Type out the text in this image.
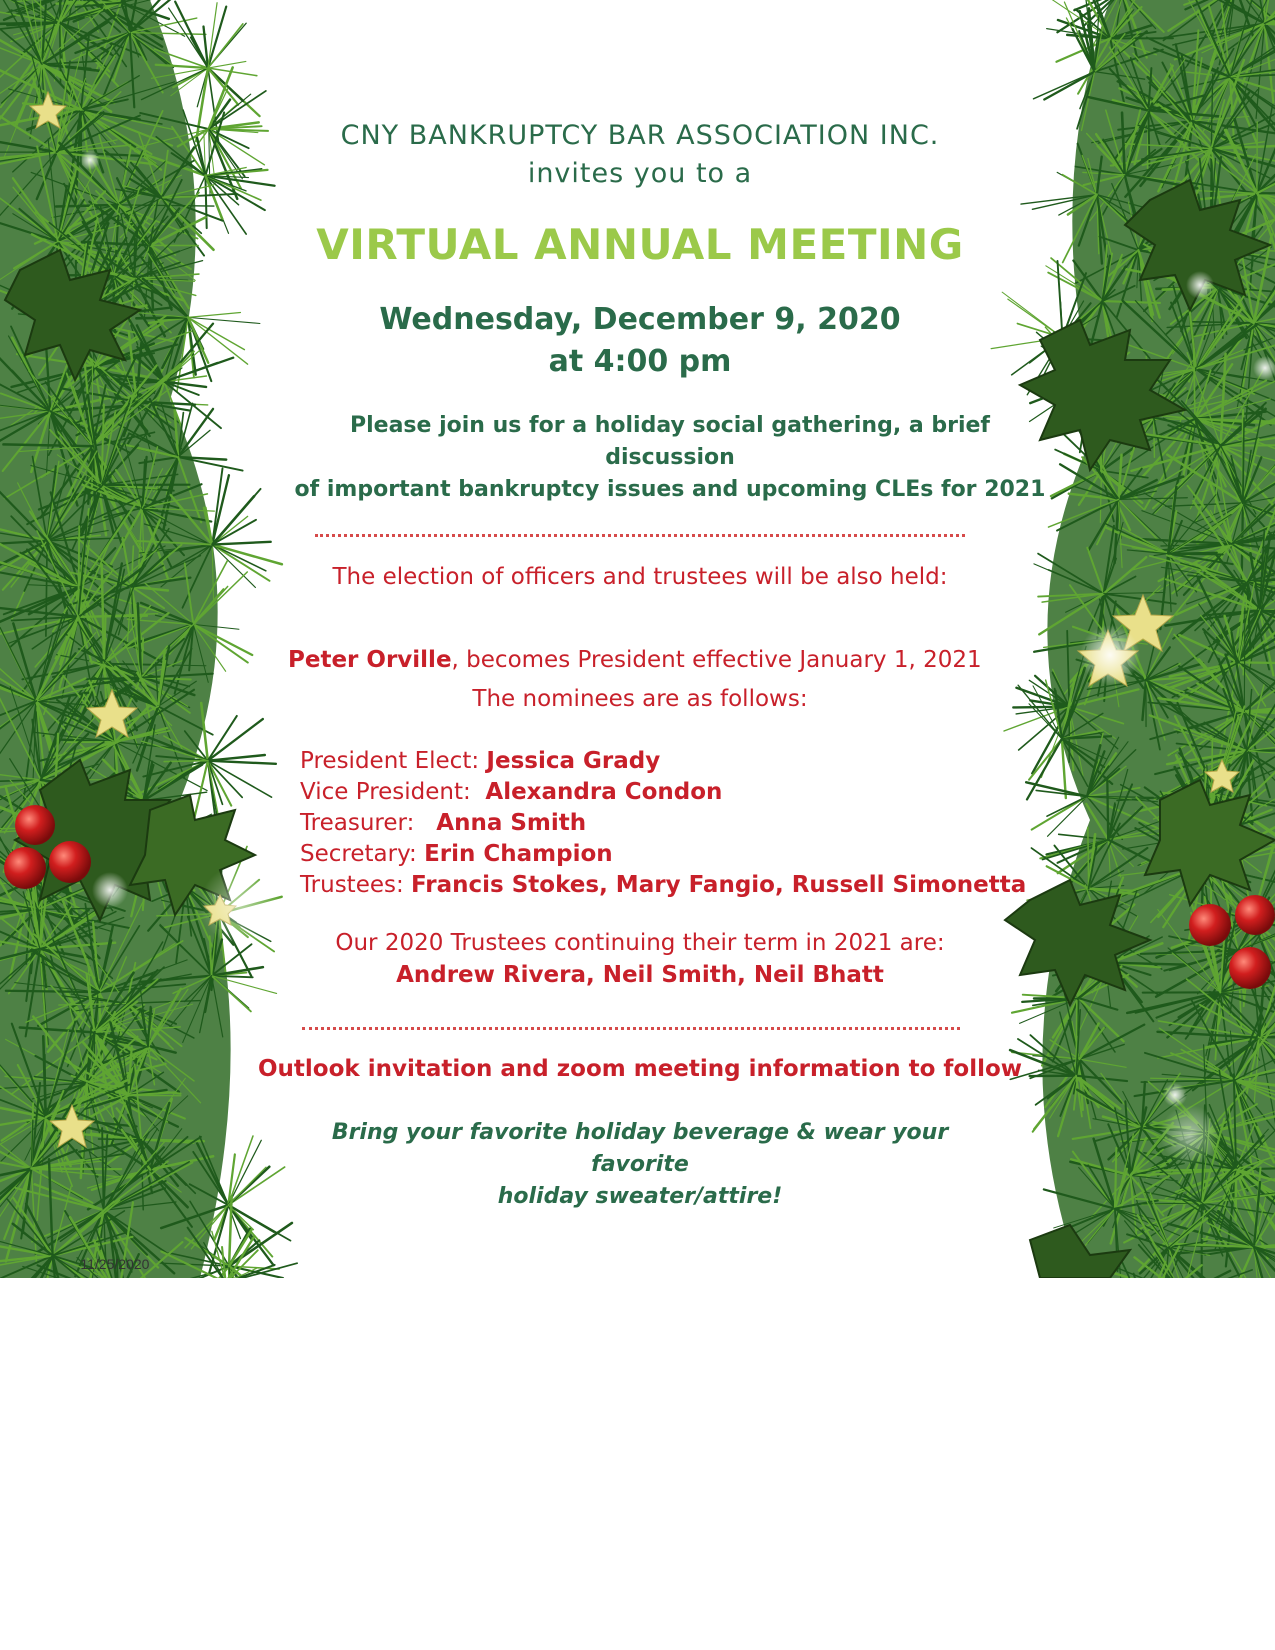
CNY BANKRUPTCY BAR ASSOCIATION INC.

invites you to a

VIRTUAL ANNUAL MEETING

Wednesday, December 9, 2020

at 4:00 pm

Please join us for a holiday social gathering, a brief discussion
of important bankruptcy issues and upcoming CLEs for 2021

The election of officers and trustees will be also held:

Peter Orville, becomes President effective January 1, 2021

The nominees are as follows:

President Elect: Jessica Grady
Vice President:  Alexandra Condon
Treasurer:   Anna Smith
Secretary: Erin Champion
Trustees: Francis Stokes, Mary Fangio, Russell Simonetta

Our 2020 Trustees continuing their term in 2021 are:

Andrew Rivera, Neil Smith, Neil Bhatt

Outlook invitation and zoom meeting information to follow

Bring your favorite holiday beverage & wear your favorite
holiday sweater/attire!
11/25/2020
